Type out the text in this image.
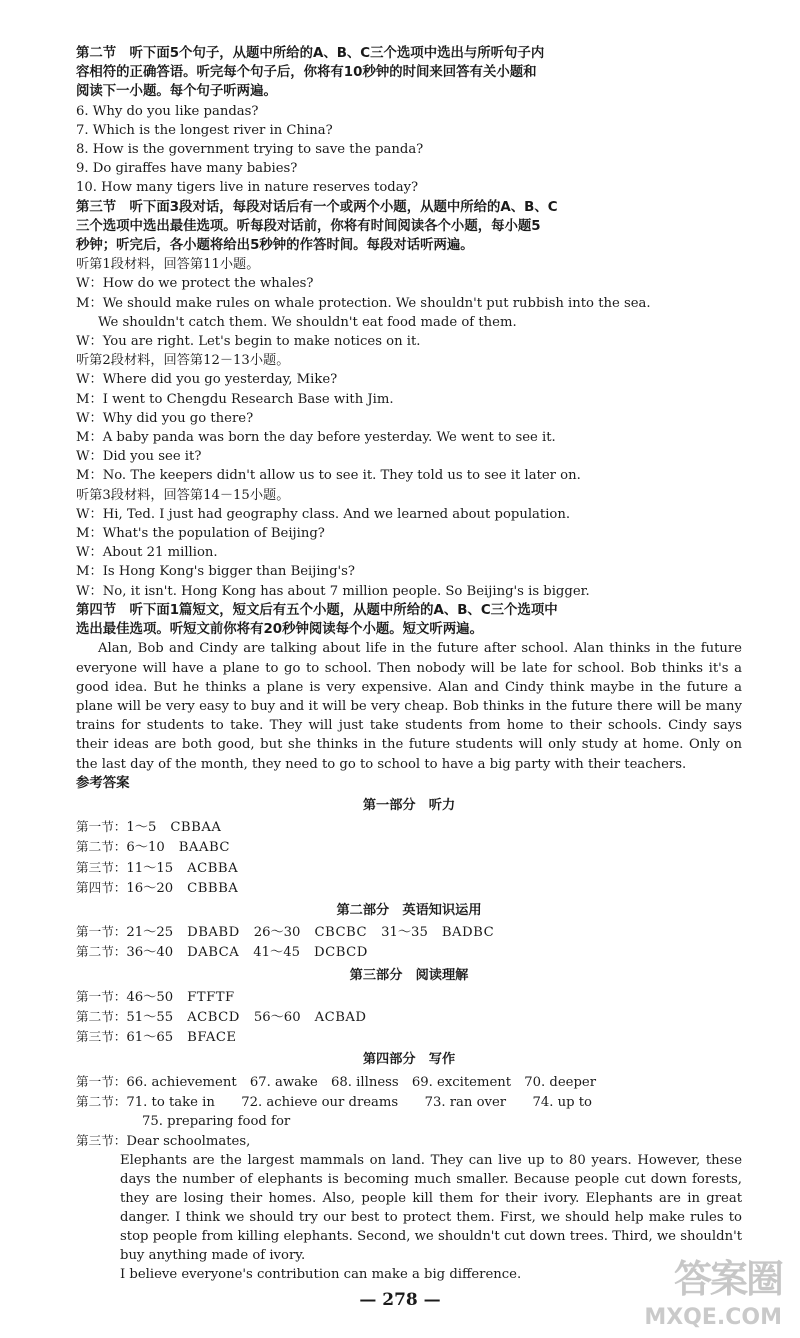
第二节　听下面5个句子，从题中所给的A、B、C三个选项中选出与所听句子内
容相符的正确答语。听完每个句子后，你将有10秒钟的时间来回答有关小题和
阅读下一小题。每个句子听两遍。
6. Why do you like pandas?
7. Which is the longest river in China?
8. How is the government trying to save the panda?
9. Do giraffes have many babies?
10. How many tigers live in nature reserves today?
第三节　听下面3段对话，每段对话后有一个或两个小题，从题中所给的A、B、C
三个选项中选出最佳选项。听每段对话前，你将有时间阅读各个小题，每小题5
秒钟；听完后，各小题将给出5秒钟的作答时间。每段对话听两遍。
听第1段材料，回答第11小题。
W：How do we protect the whales?
M：We should make rules on whale protection. We shouldn't put rubbish into the sea.
We shouldn't catch them. We shouldn't eat food made of them.
W：You are right. Let's begin to make notices on it.
听第2段材料，回答第12－13小题。
W：Where did you go yesterday, Mike?
M：I went to Chengdu Research Base with Jim.
W：Why did you go there?
M：A baby panda was born the day before yesterday. We went to see it.
W：Did you see it?
M：No. The keepers didn't allow us to see it. They told us to see it later on.
听第3段材料，回答第14－15小题。
W：Hi, Ted. I just had geography class. And we learned about population.
M：What's the population of Beijing?
W：About 21 million.
M：Is Hong Kong's bigger than Beijing's?
W：No, it isn't. Hong Kong has about 7 million people. So Beijing's is bigger.
第四节　听下面1篇短文，短文后有五个小题，从题中所给的A、B、C三个选项中
选出最佳选项。听短文前你将有20秒钟阅读每个小题。短文听两遍。
Alan, Bob and Cindy are talking about life in the future after school. Alan thinks in the future everyone will have a plane to go to school. Then nobody will be late for school. Bob thinks it's a good idea. But he thinks a plane is very expensive. Alan and Cindy think maybe in the future a plane will be very easy to buy and it will be very cheap. Bob thinks in the future there will be many trains for students to take. They will just take students from home to their schools. Cindy says their ideas are both good, but she thinks in the future students will only study at home. Only on the last day of the month, they need to go to school to have a big party with their teachers.
参考答案
第一部分　听力
第一节：1～5 CBBAA
第二节：6～10 BAABC
第三节：11～15 ACBBA
第四节：16～20 CBBBA
第二部分　英语知识运用
第一节：21～25 DBABD 26～30 CBCBC 31～35 BADBC
第二节：36～40 DABCA 41～45 DCBCD
第三部分　阅读理解
第一节：46～50 FTFTF
第二节：51～55 ACBCD 56～60 ACBAD
第三节：61～65 BFACE
第四部分　写作
第一节：66. achievement　67. awake　68. illness　69. excitement　70. deeper
第二节：71. to take in　　72. achieve our dreams　　73. ran over　　74. up to
75. preparing food for
第三节：Dear schoolmates,
Elephants are the largest mammals on land. They can live up to 80 years. However, these days the number of elephants is becoming much smaller. Because people cut down forests, they are losing their homes. Also, people kill them for their ivory. Elephants are in great danger. I think we should try our best to protect them. First, we should help make rules to stop people from killing elephants. Second, we shouldn't cut down trees. Third, we shouldn't buy anything made of ivory.
I believe everyone's contribution can make a big difference.
— 278 —	答案圈
MXQE.COM
